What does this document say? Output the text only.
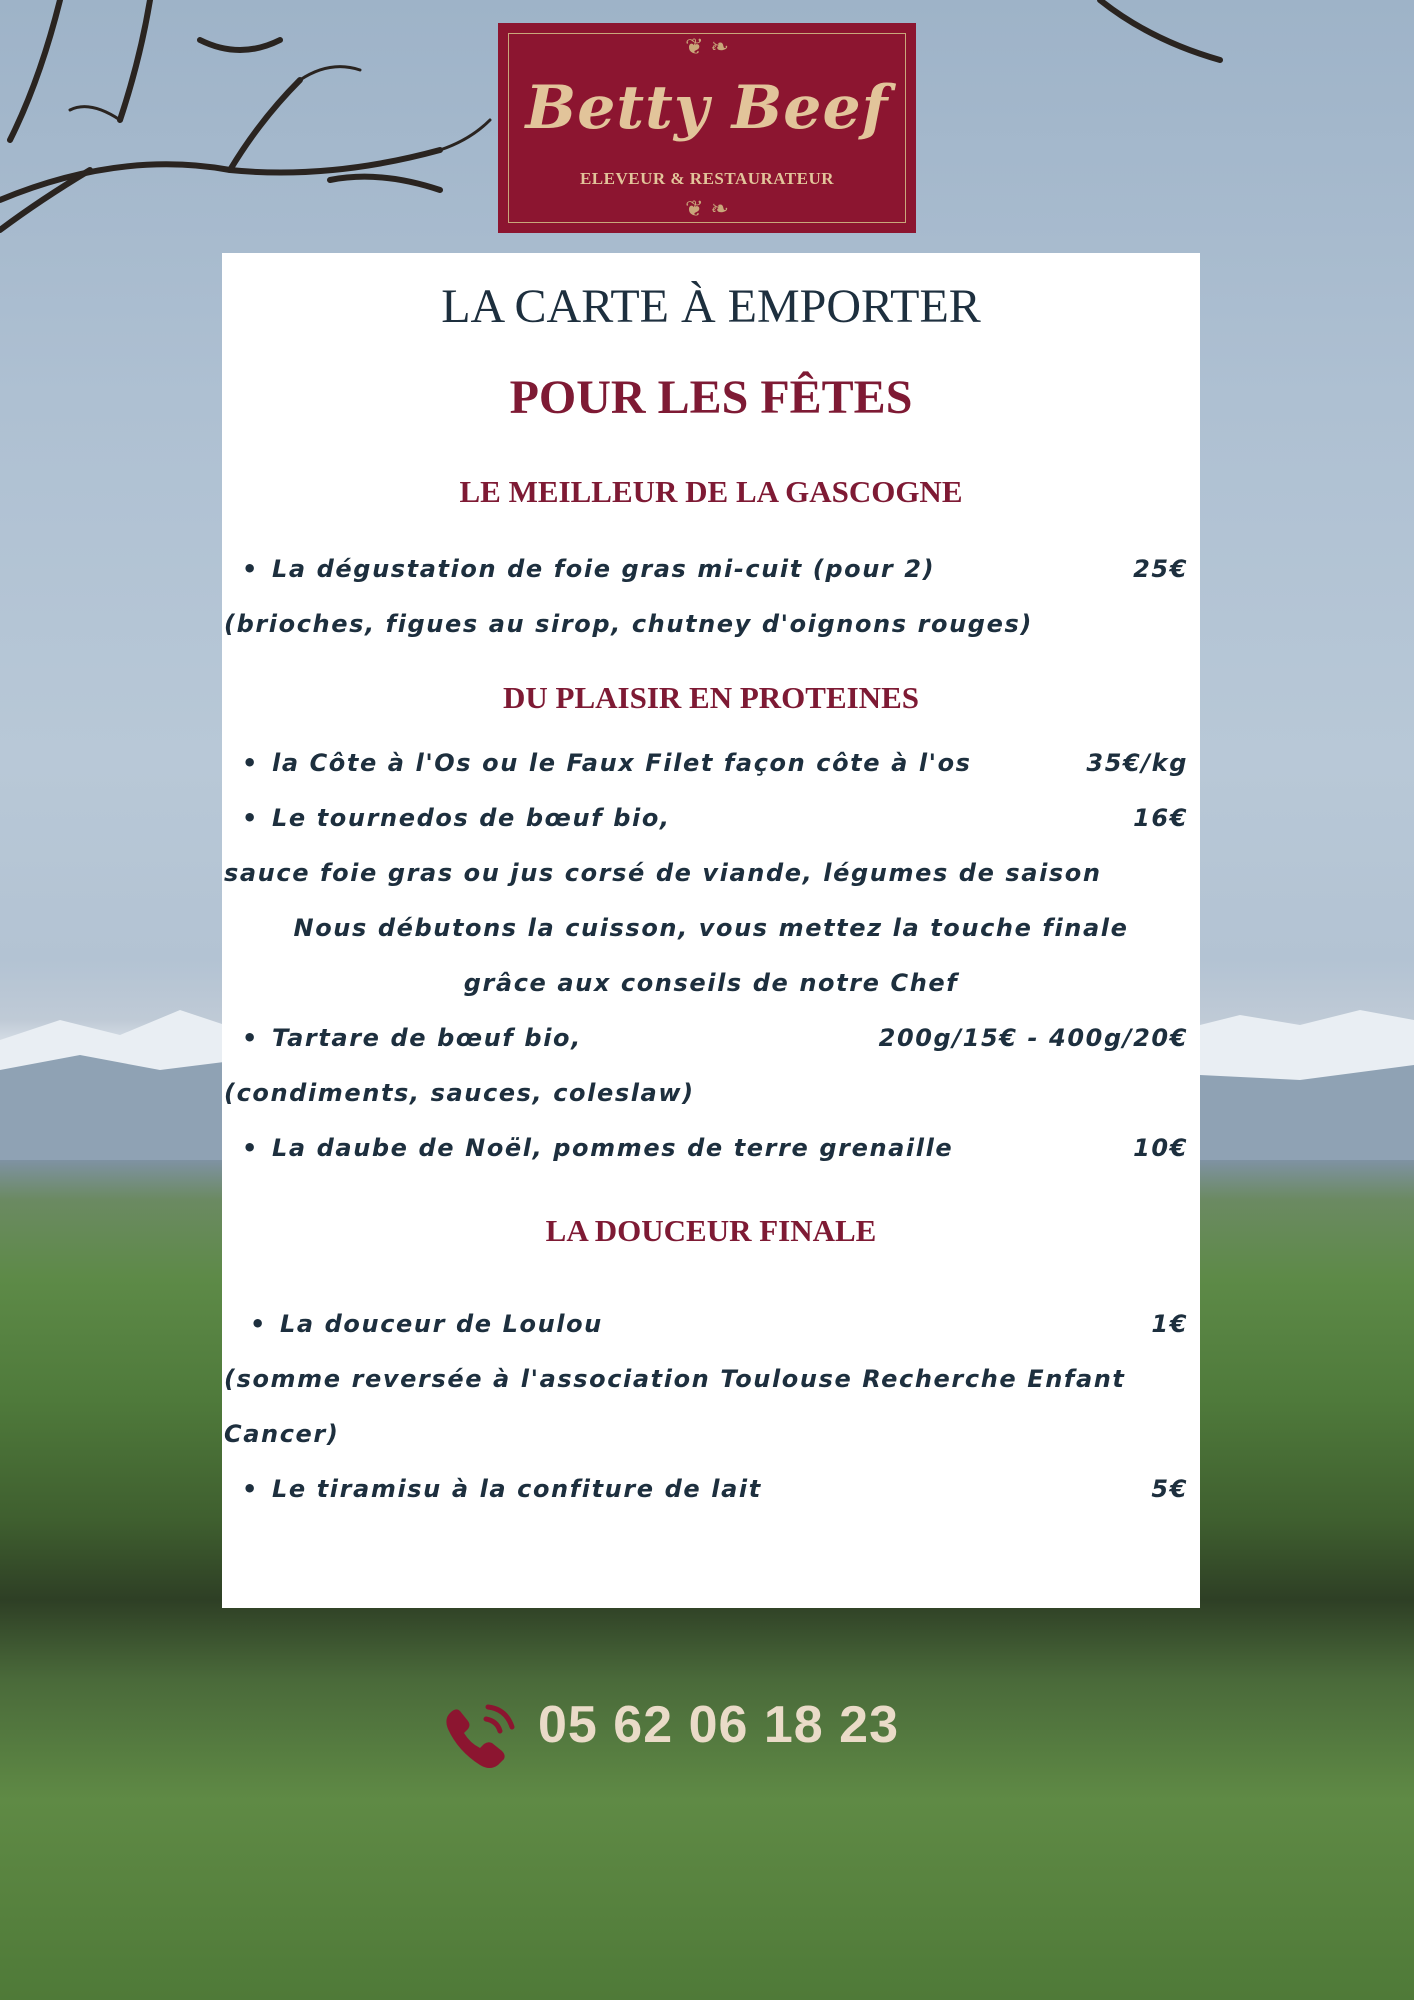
❦ ❧
Betty Beef
ELEVEUR & RESTAURATEUR
❦ ❧
LA CARTE À EMPORTER
POUR LES FÊTES
LE MEILLEUR DE LA GASCOGNE
• La dégustation de foie gras mi-cuit (pour 2)	25€
(brioches, figues au sirop, chutney d'oignons rouges)
DU PLAISIR EN PROTEINES
• la Côte à l'Os ou le Faux Filet façon côte à l'os	35€/kg
• Le tournedos de bœuf bio,	16€
sauce foie gras ou jus corsé de viande, légumes de saison
Nous débutons la cuisson, vous mettez la touche finale
grâce aux conseils de notre Chef
• Tartare de bœuf bio,	200g/15€ - 400g/20€
(condiments, sauces, coleslaw)
• La daube de Noël, pommes de terre grenaille	10€
LA DOUCEUR FINALE
• La douceur de Loulou	1€
(somme reversée à l'association Toulouse Recherche Enfant
Cancer)
• Le tiramisu à la confiture de lait	5€
05 62 06 18 23
